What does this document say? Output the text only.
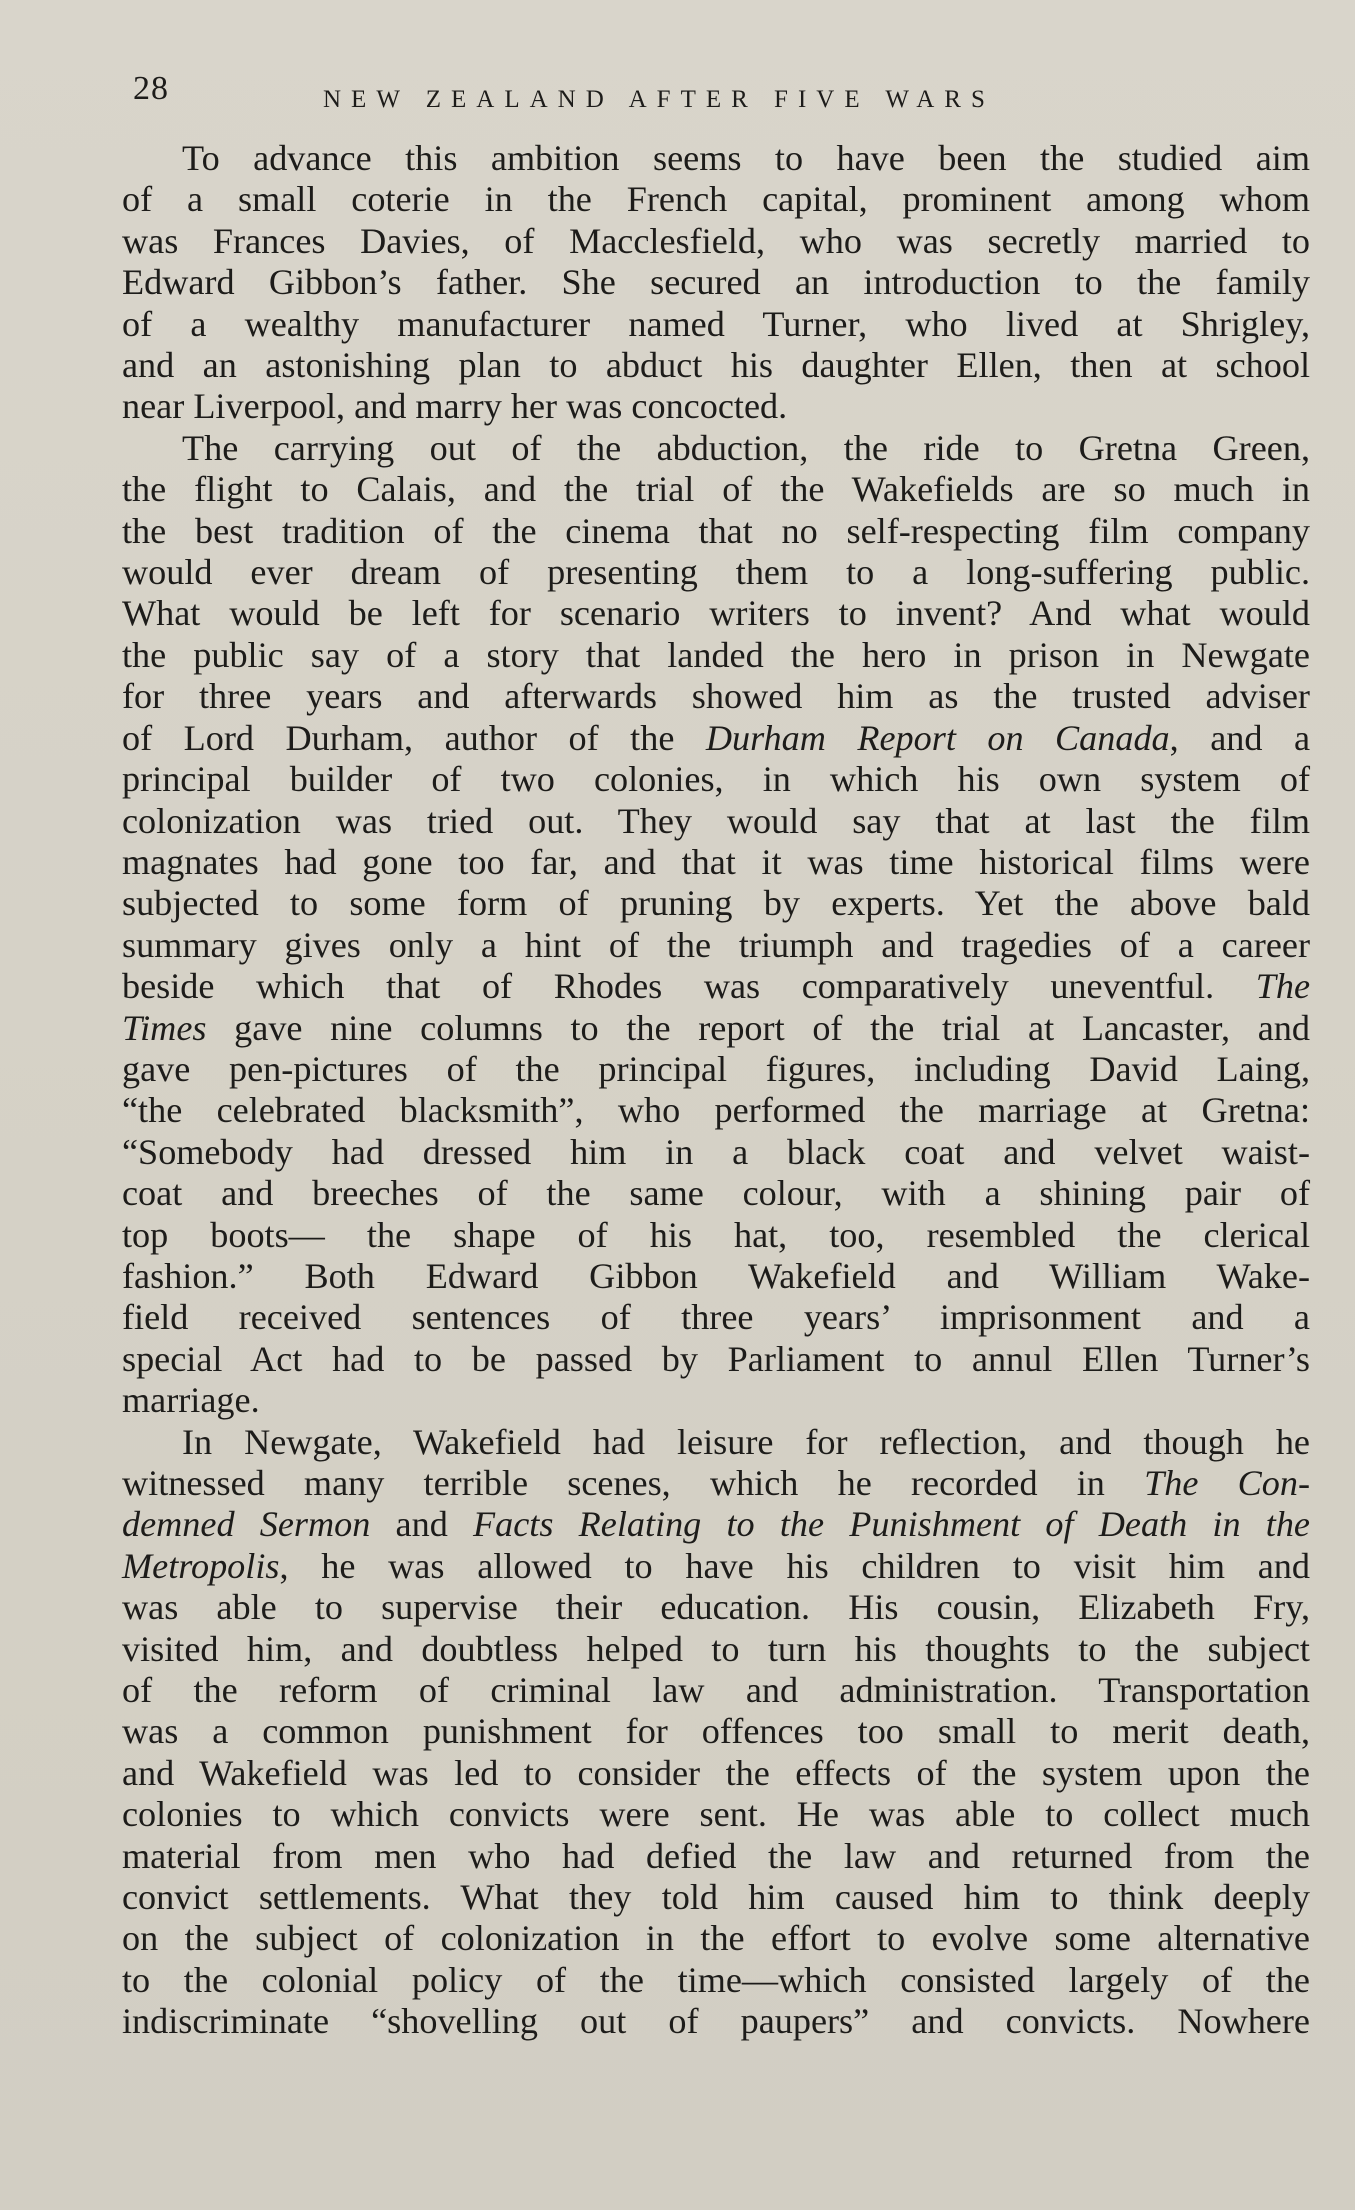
28	NEW ZEALAND AFTER FIVE WARS
To advance this ambition seems to have been the studied aim
of a small coterie in the French capital, prominent among whom
was Frances Davies, of Macclesfield, who was secretly married to
Edward Gibbon’s father. She secured an introduction to the family
of a wealthy manufacturer named Turner, who lived at Shrigley,
and an astonishing plan to abduct his daughter Ellen, then at school
near Liverpool, and marry her was concocted.
The carrying out of the abduction, the ride to Gretna Green,
the flight to Calais, and the trial of the Wakefields are so much in
the best tradition of the cinema that no self-respecting film company
would ever dream of presenting them to a long-suffering public.
What would be left for scenario writers to invent? And what would
the public say of a story that landed the hero in prison in Newgate
for three years and afterwards showed him as the trusted adviser
of Lord Durham, author of the Durham Report on Canada, and a
principal builder of two colonies, in which his own system of
colonization was tried out. They would say that at last the film
magnates had gone too far, and that it was time historical films were
subjected to some form of pruning by experts. Yet the above bald
summary gives only a hint of the triumph and tragedies of a career
beside which that of Rhodes was comparatively uneventful. The
Times gave nine columns to the report of the trial at Lancaster, and
gave pen-pictures of the principal figures, including David Laing,
“the celebrated blacksmith”, who performed the marriage at Gretna:
“Somebody had dressed him in a black coat and velvet waist-
coat and breeches of the same colour, with a shining pair of
top boots— the shape of his hat, too, resembled the clerical
fashion.” Both Edward Gibbon Wakefield and William Wake-
field received sentences of three years’ imprisonment and a
special Act had to be passed by Parliament to annul Ellen Turner’s
marriage.
In Newgate, Wakefield had leisure for reflection, and though he
witnessed many terrible scenes, which he recorded in The Con-
demned Sermon and Facts Relating to the Punishment of Death in the
Metropolis, he was allowed to have his children to visit him and
was able to supervise their education. His cousin, Elizabeth Fry,
visited him, and doubtless helped to turn his thoughts to the subject
of the reform of criminal law and administration. Transportation
was a common punishment for offences too small to merit death,
and Wakefield was led to consider the effects of the system upon the
colonies to which convicts were sent. He was able to collect much
material from men who had defied the law and returned from the
convict settlements. What they told him caused him to think deeply
on the subject of colonization in the effort to evolve some alternative
to the colonial policy of the time—which consisted largely of the
indiscriminate “shovelling out of paupers” and convicts. Nowhere
